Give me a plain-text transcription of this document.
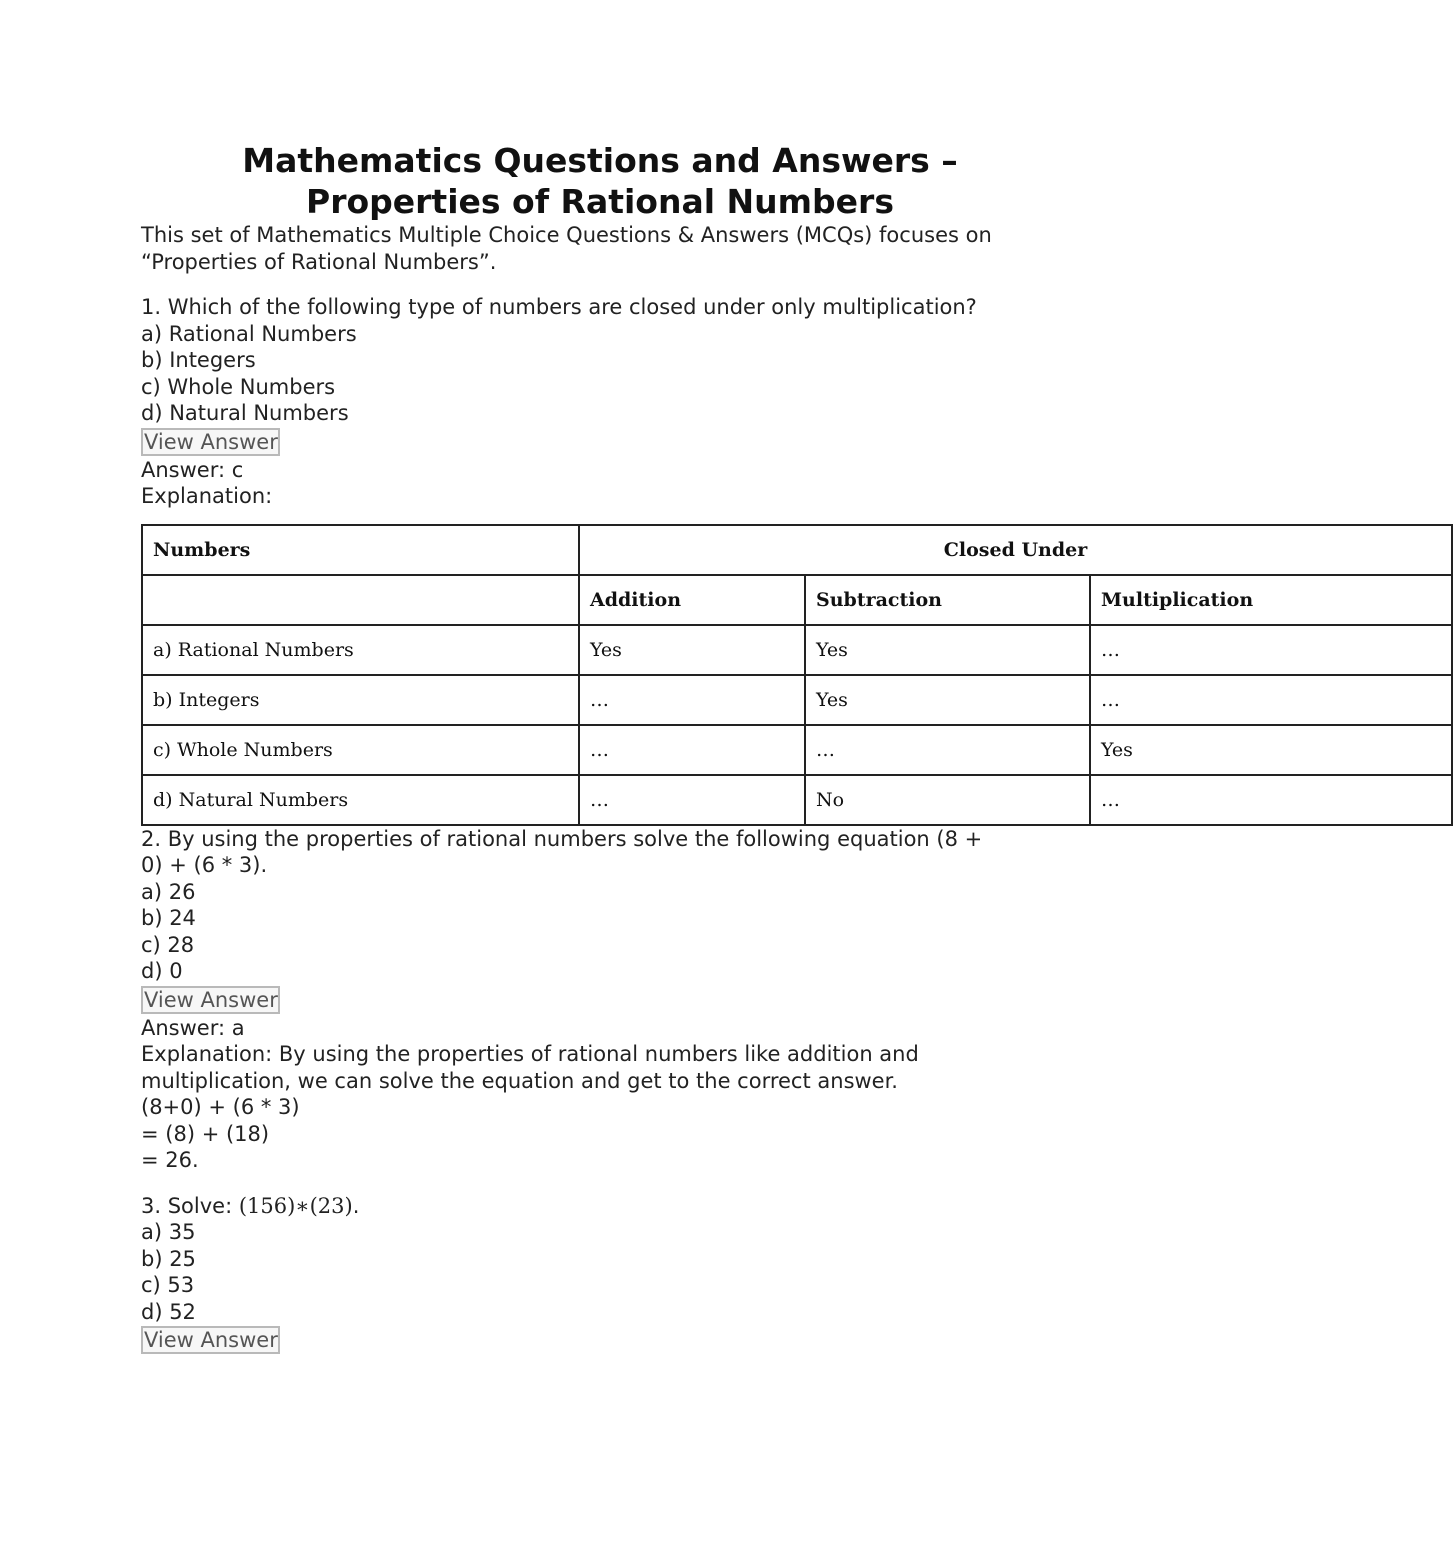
Mathematics Questions and Answers –
Properties of Rational Numbers
This set of Mathematics Multiple Choice Questions & Answers (MCQs) focuses on
“Properties of Rational Numbers”.
1. Which of the following type of numbers are closed under only multiplication?
a) Rational Numbers
b) Integers
c) Whole Numbers
d) Natural Numbers
View Answer
Answer: c
Explanation:
Numbers	Closed Under		
	Addition	Subtraction	Multiplication
a) Rational Numbers	Yes	Yes	…
b) Integers	…	Yes	…
c) Whole Numbers	…	…	Yes
d) Natural Numbers	…	No	…
2. By using the properties of rational numbers solve the following equation (8 +
0) + (6 * 3).
a) 26
b) 24
c) 28
d) 0
View Answer
Answer: a
Explanation: By using the properties of rational numbers like addition and
multiplication, we can solve the equation and get to the correct answer.
(8+0) + (6 * 3)
= (8) + (18)
= 26.
3. Solve: (156)∗(23).
a) 35
b) 25
c) 53
d) 52
View Answer
